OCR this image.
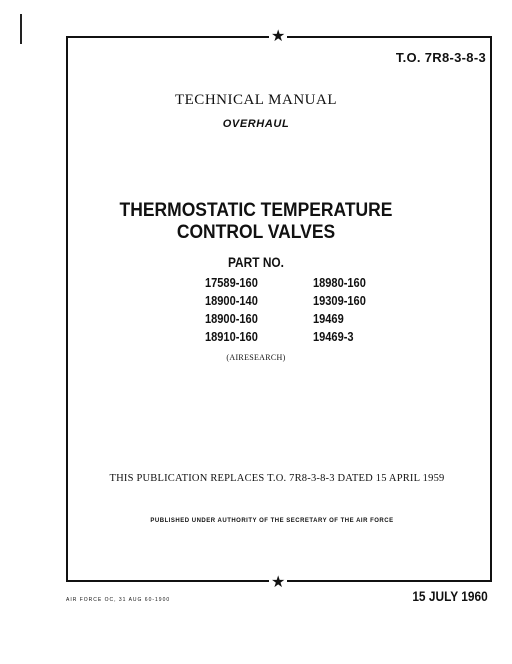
★
★
T.O. 7R8-3-8-3
TECHNICAL MANUAL
OVERHAUL
THERMOSTATIC TEMPERATURE
CONTROL VALVES
PART NO.
17589-160
18900-140
18900-160
18910-160
18980-160
19309-160
19469
19469-3
(AIRESEARCH)
THIS PUBLICATION REPLACES T.O. 7R8-3-8-3 DATED 15 APRIL 1959
PUBLISHED UNDER AUTHORITY OF THE SECRETARY OF THE AIR FORCE
AIR FORCE OC, 31 AUG 60-1900	15 JULY 1960
